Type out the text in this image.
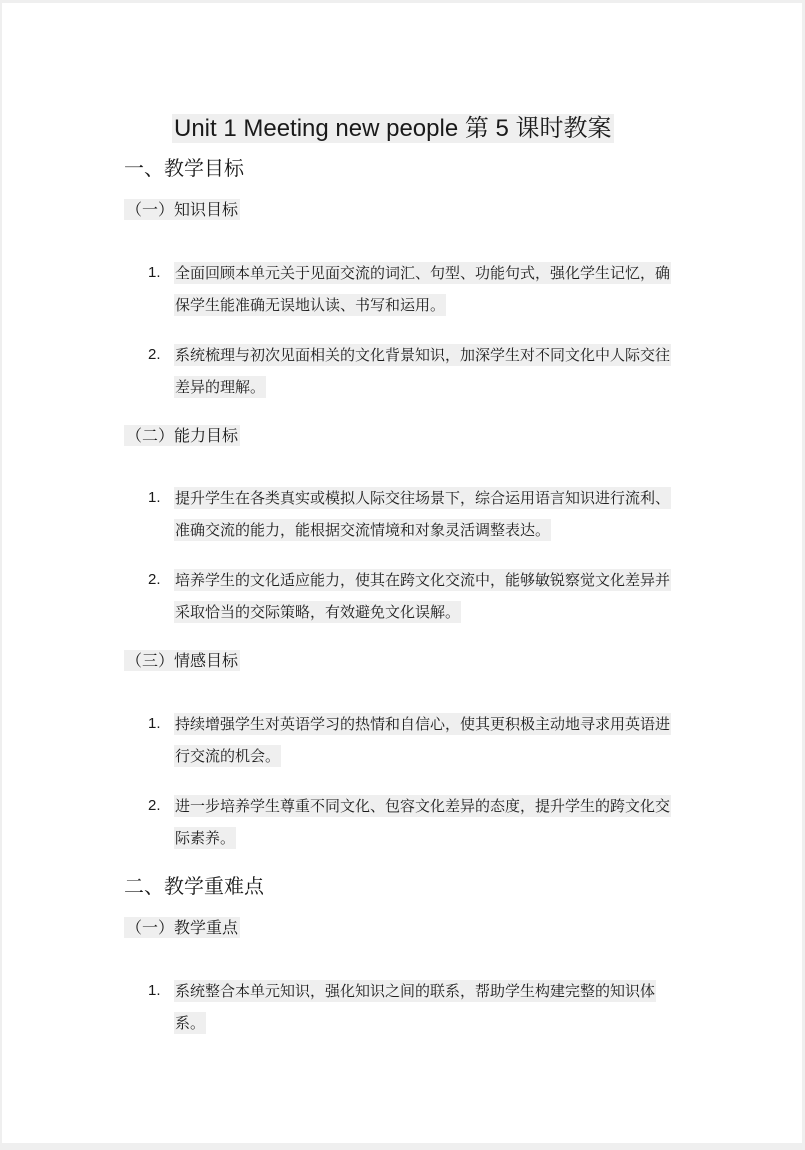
Unit 1 Meeting new people 第 5 课时教案
一、教学目标
（一）知识目标
1. 全面回顾本单元关于见面交流的词汇、句型、功能句式，强化学生记忆，确保学生能准确无误地认读、书写和运用。
2. 系统梳理与初次见面相关的文化背景知识，加深学生对不同文化中人际交往差异的理解。
（二）能力目标
1. 提升学生在各类真实或模拟人际交往场景下，综合运用语言知识进行流利、准确交流的能力，能根据交流情境和对象灵活调整表达。
2. 培养学生的文化适应能力，使其在跨文化交流中，能够敏锐察觉文化差异并采取恰当的交际策略，有效避免文化误解。
（三）情感目标
1. 持续增强学生对英语学习的热情和自信心，使其更积极主动地寻求用英语进行交流的机会。
2. 进一步培养学生尊重不同文化、包容文化差异的态度，提升学生的跨文化交际素养。
二、教学重难点
（一）教学重点
1. 系统整合本单元知识，强化知识之间的联系，帮助学生构建完整的知识体系。
